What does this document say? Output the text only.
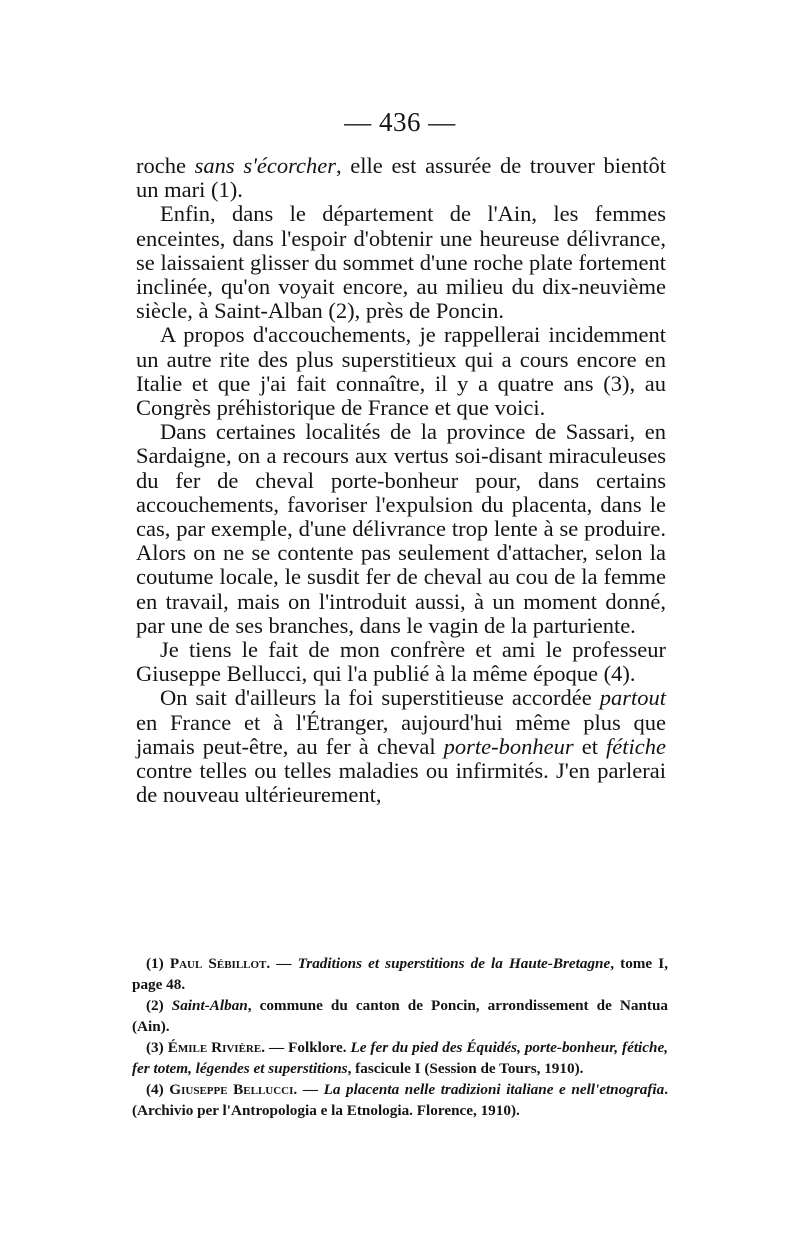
— 436 —

roche sans s'écorcher, elle est assurée de trouver bientôt un mari (1).

Enfin, dans le département de l'Ain, les femmes enceintes, dans l'espoir d'obtenir une heureuse délivrance, se laissaient glisser du sommet d'une roche plate fortement inclinée, qu'on voyait encore, au milieu du dix-neuvième siècle, à Saint-Alban (2), près de Poncin.

A propos d'accouchements, je rappellerai incidemment un autre rite des plus superstitieux qui a cours encore en Italie et que j'ai fait connaître, il y a quatre ans (3), au Congrès préhistorique de France et que voici.

Dans certaines localités de la province de Sassari, en Sardaigne, on a recours aux vertus soi-disant miraculeuses du fer de cheval porte-bonheur pour, dans certains accouchements, favoriser l'expulsion du placenta, dans le cas, par exemple, d'une délivrance trop lente à se produire. Alors on ne se contente pas seulement d'attacher, selon la coutume locale, le susdit fer de cheval au cou de la femme en travail, mais on l'introduit aussi, à un moment donné, par une de ses branches, dans le vagin de la parturiente.

Je tiens le fait de mon confrère et ami le professeur Giuseppe Bellucci, qui l'a publié à la même époque (4).

On sait d'ailleurs la foi superstitieuse accordée partout en France et à l'Étranger, aujourd'hui même plus que jamais peut-être, au fer à cheval porte-bonheur et fétiche contre telles ou telles maladies ou infirmités. J'en parlerai de nouveau ultérieurement,

(1) Paul Sébillot. — Traditions et superstitions de la Haute-Bretagne, tome I, page 48.

(2) Saint-Alban, commune du canton de Poncin, arrondissement de Nantua (Ain).

(3) Émile Rivière. — Folklore. Le fer du pied des Équidés, porte-bonheur, fétiche, fer totem, légendes et superstitions, fascicule I (Session de Tours, 1910).

(4) Giuseppe Bellucci. — La placenta nelle tradizioni italiane e nell'etnografia. (Archivio per l'Antropologia e la Etnologia. Florence, 1910).
